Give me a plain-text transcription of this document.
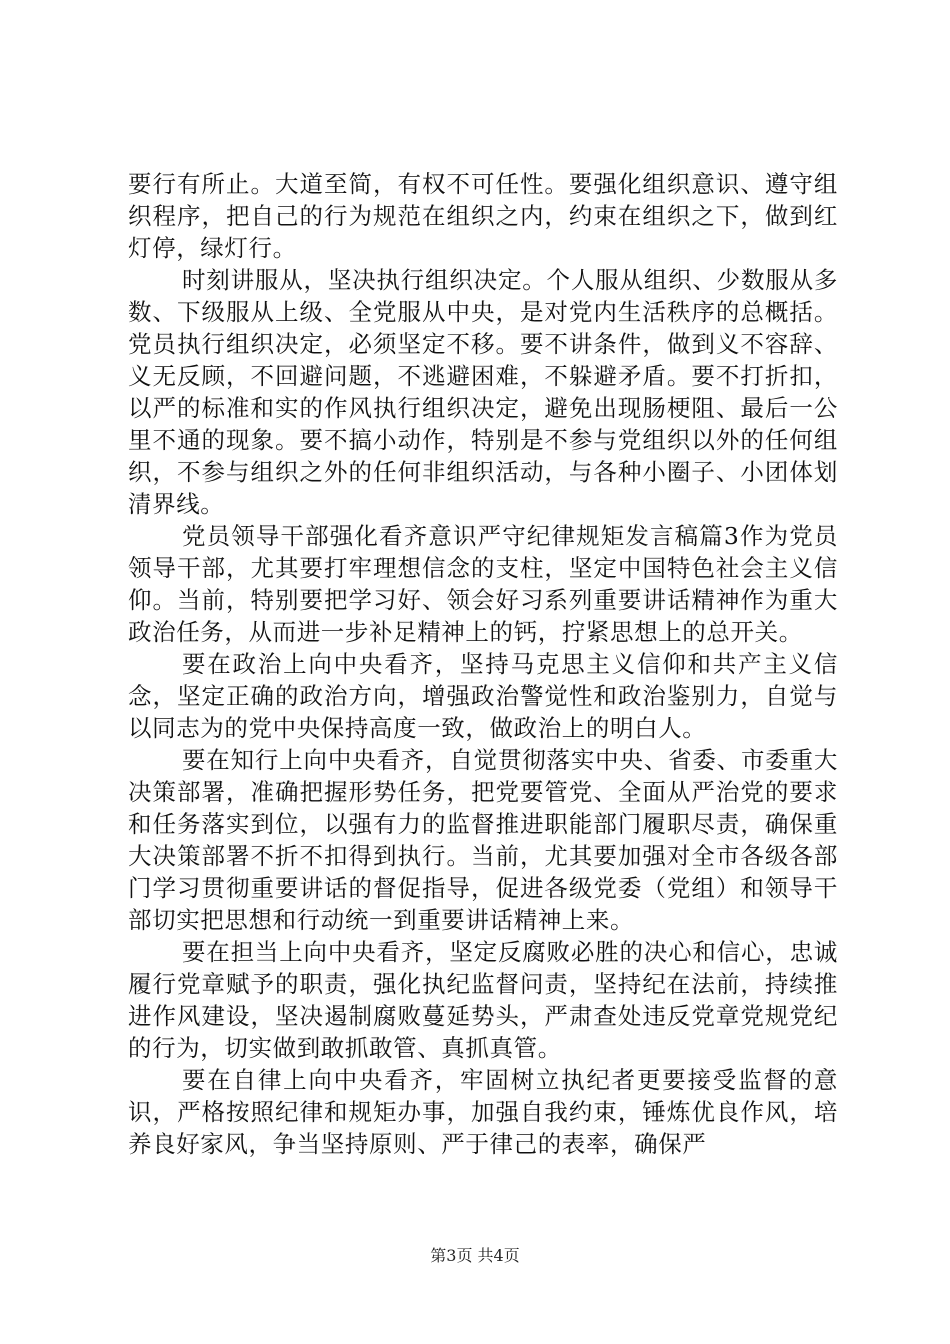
要行有所止。大道至简，有权不可任性。要强化组织意识、遵守组织程序，把自己的行为规范在组织之内，约束在组织之下，做到红灯停，绿灯行。

时刻讲服从，坚决执行组织决定。个人服从组织、少数服从多数、下级服从上级、全党服从中央，是对党内生活秩序的总概括。党员执行组织决定，必须坚定不移。要不讲条件，做到义不容辞、义无反顾，不回避问题，不逃避困难，不躲避矛盾。要不打折扣，以严的标准和实的作风执行组织决定，避免出现肠梗阻、最后一公里不通的现象。要不搞小动作，特别是不参与党组织以外的任何组织，不参与组织之外的任何非组织活动，与各种小圈子、小团体划清界线。

党员领导干部强化看齐意识严守纪律规矩发言稿篇3作为党员领导干部，尤其要打牢理想信念的支柱，坚定中国特色社会主义信仰。当前，特别要把学习好、领会好习系列重要讲话精神作为重大政治任务，从而进一步补足精神上的钙，拧紧思想上的总开关。

要在政治上向中央看齐，坚持马克思主义信仰和共产主义信念，坚定正确的政治方向，增强政治警觉性和政治鉴别力，自觉与以同志为的党中央保持高度一致，做政治上的明白人。

要在知行上向中央看齐，自觉贯彻落实中央、省委、市委重大决策部署，准确把握形势任务，把党要管党、全面从严治党的要求和任务落实到位，以强有力的监督推进职能部门履职尽责，确保重大决策部署不折不扣得到执行。当前，尤其要加强对全市各级各部门学习贯彻重要讲话的督促指导，促进各级党委（党组）和领导干部切实把思想和行动统一到重要讲话精神上来。

要在担当上向中央看齐，坚定反腐败必胜的决心和信心，忠诚履行党章赋予的职责，强化执纪监督问责，坚持纪在法前，持续推进作风建设，坚决遏制腐败蔓延势头，严肃查处违反党章党规党纪的行为，切实做到敢抓敢管、真抓真管。

要在自律上向中央看齐，牢固树立执纪者更要接受监督的意识，严格按照纪律和规矩办事，加强自我约束，锤炼优良作风，培养良好家风，争当坚持原则、严于律己的表率，确保严

第3页 共4页
